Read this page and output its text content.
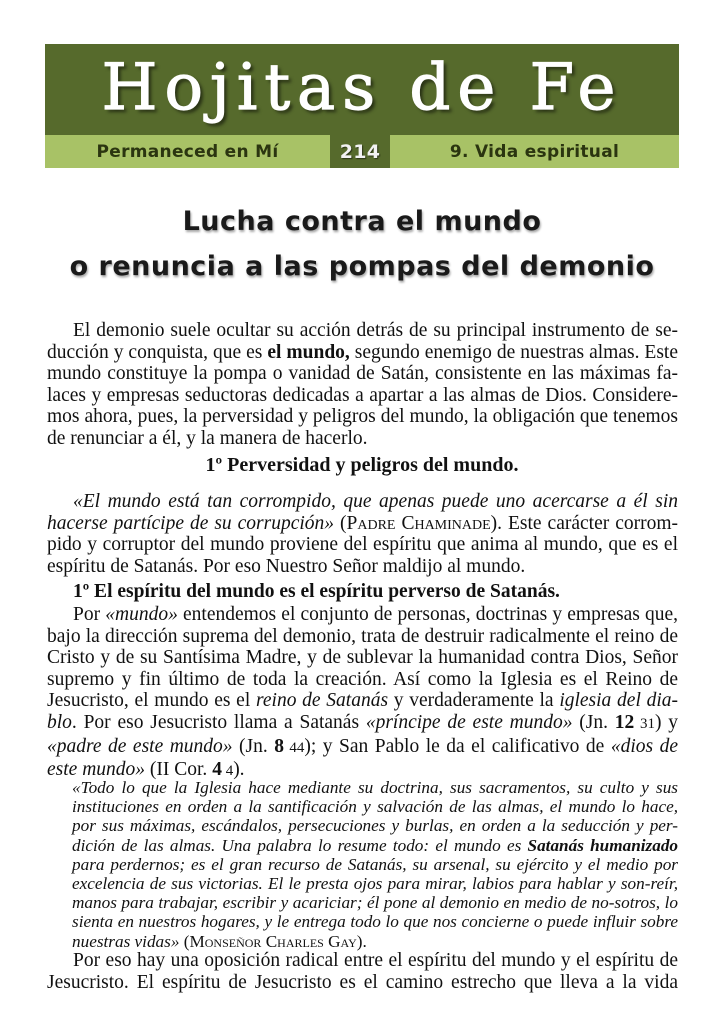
Hojitas de Fe
Permaneced en Mí	214	9. Vida espiritual
Lucha contra el mundo
o renuncia a las pompas del demonio

El demonio suele ocultar su acción detrás de su principal instrumento de se-ducción y conquista, que es el mundo, segundo enemigo de nuestras almas. Este mundo constituye la pompa o vanidad de Satán, consistente en las máximas fa-laces y empresas seductoras dedicadas a apartar a las almas de Dios. Considere-mos ahora, pues, la perversidad y peligros del mundo, la obligación que tenemos de renunciar a él, y la manera de hacerlo.

1º Perversidad y peligros del mundo.

«El mundo está tan corrompido, que apenas puede uno acercarse a él sin hacerse partícipe de su corrupción» (Padre Chaminade). Este carácter corrom-pido y corruptor del mundo proviene del espíritu que anima al mundo, que es el espíritu de Satanás. Por eso Nuestro Señor maldijo al mundo.

1º El espíritu del mundo es el espíritu perverso de Satanás.

Por «mundo» entendemos el conjunto de personas, doctrinas y empresas que, bajo la dirección suprema del demonio, trata de destruir radicalmente el reino de Cristo y de su Santísima Madre, y de sublevar la humanidad contra Dios, Señor supremo y fin último de toda la creación. Así como la Iglesia es el Reino de Jesucristo, el mundo es el reino de Satanás y verdaderamente la iglesia del dia-blo. Por eso Jesucristo llama a Satanás «príncipe de este mundo» (Jn. 12 31) y «padre de este mundo» (Jn. 8 44); y San Pablo le da el calificativo de «dios de este mundo» (II Cor. 4 4).

«Todo lo que la Iglesia hace mediante su doctrina, sus sacramentos, su culto y sus instituciones en orden a la santificación y salvación de las almas, el mundo lo hace, por sus máximas, escándalos, persecuciones y burlas, en orden a la seducción y per-dición de las almas. Una palabra lo resume todo: el mundo es Satanás humanizado para perdernos; es el gran recurso de Satanás, su arsenal, su ejército y el medio por excelencia de sus victorias. El le presta ojos para mirar, labios para hablar y son-reír, manos para trabajar, escribir y acariciar; él pone al demonio en medio de no-sotros, lo sienta en nuestros hogares, y le entrega todo lo que nos concierne o puede influir sobre nuestras vidas» (Monseñor Charles Gay).

Por eso hay una oposición radical entre el espíritu del mundo y el espíritu de Jesucristo. El espíritu de Jesucristo es el camino estrecho que lleva a la vida
